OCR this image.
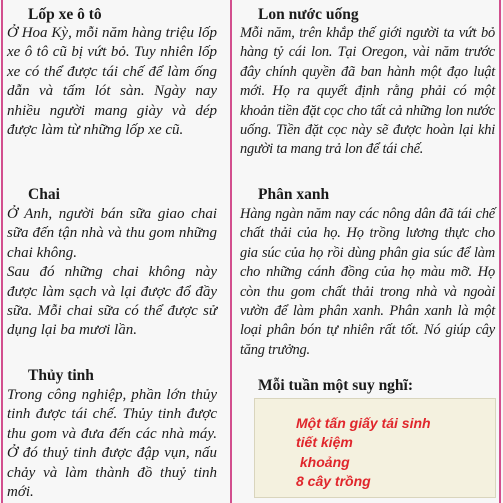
Lốp xe ô tô
Ở Hoa Kỳ, mỗi năm hàng triệu lốp xe ô tô cũ bị vứt bỏ. Tuy nhiên lốp xe có thể được tái chế để làm ống dẫn và tấm lót sàn. Ngày nay nhiều người mang giày và dép được làm từ những lốp xe cũ.
Chai
Ở Anh, người bán sữa giao chai sữa đến tận nhà và thu gom những chai không.
Sau đó những chai không này được làm sạch và lại được đổ đầy sữa. Mỗi chai sữa có thể được sử dụng lại ba mươi lần.
Thủy tinh
Trong công nghiệp, phần lớn thủy tinh được tái chế. Thủy tinh được thu gom và đưa đến các nhà máy. Ở đó thuỷ tinh được đập vụn, nấu chảy và làm thành đồ thuỷ tinh mới.
Lon nước uống
Mỗi năm, trên khắp thế giới người ta vứt bỏ hàng tỷ cái lon. Tại Oregon, vài năm trước đây chính quyền đã ban hành một đạo luật mới. Họ ra quyết định rằng phải có một khoản tiền đặt cọc cho tất cả những lon nước uống. Tiền đặt cọc này sẽ được hoàn lại khi người ta mang trả lon để tái chế.
Phân xanh
Hàng ngàn năm nay các nông dân đã tái chế chất thải của họ. Họ trồng lương thực cho gia súc của họ rồi dùng phân gia súc để làm cho những cánh đồng của họ màu mỡ. Họ còn thu gom chất thải trong nhà và ngoài vườn để làm phân xanh. Phân xanh là một loại phân bón tự nhiên rất tốt. Nó giúp cây tăng trưởng.
Mỗi tuần một suy nghĩ:
Một tấn giấy tái sinh
tiết kiệm
khoảng
8 cây trồng
